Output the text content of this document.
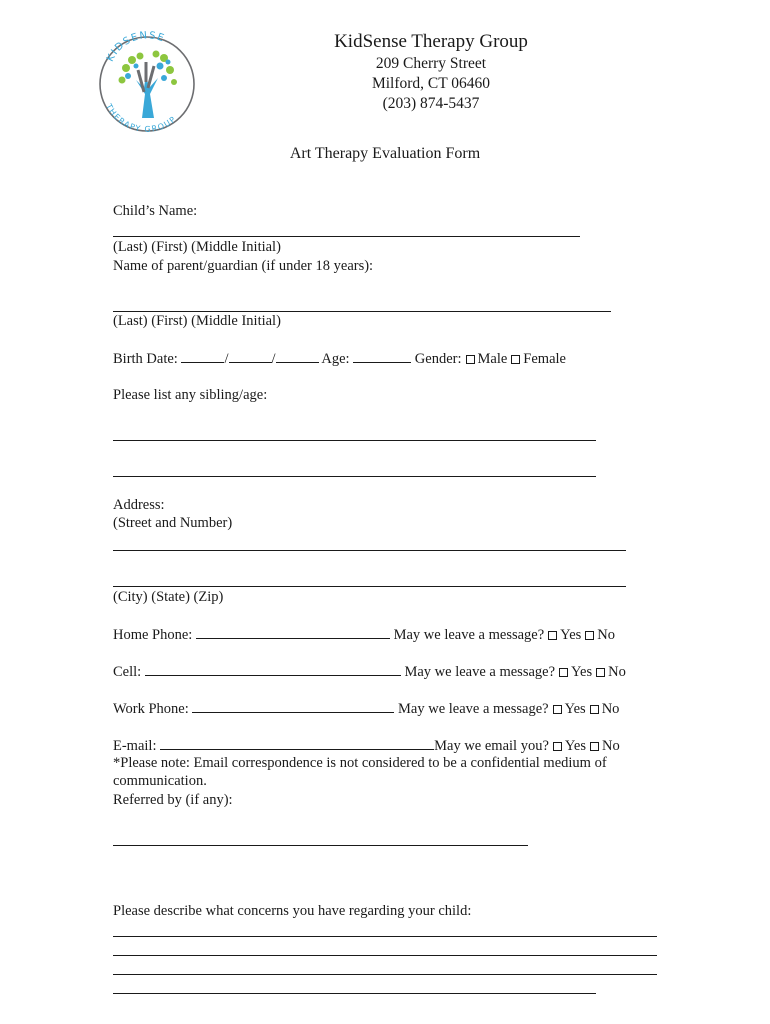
KIDSENSE
THERAPY GROUP
KidSense Therapy Group
209 Cherry Street
Milford, CT 06460
(203) 874-5437
Art Therapy Evaluation Form
Child’s Name:
(Last) (First) (Middle Initial)
Name of parent/guardian (if under 18 years):
(Last) (First) (Middle Initial)
Birth Date:	/	/	Age:	Gender: Male Female
Please list any sibling/age:
Address:
(Street and Number)
(City) (State) (Zip)
Home Phone:	May we leave a message? Yes No
Cell:	May we leave a message? Yes No
Work Phone:	May we leave a message? Yes No
E-mail:	May we email you? Yes No
*Please note: Email correspondence is not considered to be a confidential medium of
communication.
Referred by (if any):
Please describe what concerns you have regarding your child:
